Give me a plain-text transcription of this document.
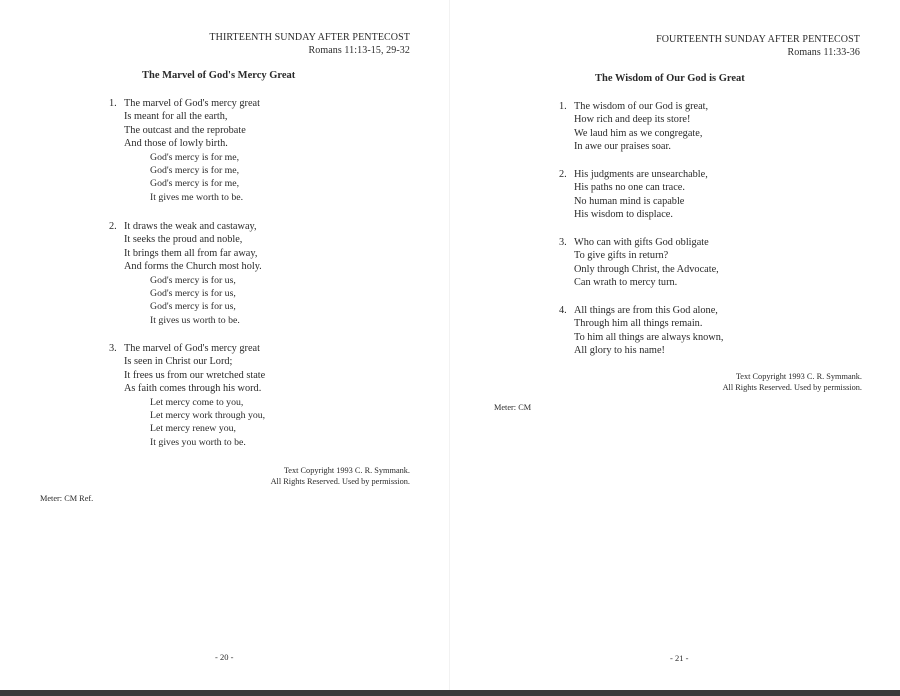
THIRTEENTH SUNDAY AFTER PENTECOST
Romans 11:13-15, 29-32
The Marvel of God's Mercy Great
1. The marvel of God's mercy great
Is meant for all the earth,
The outcast and the reprobate
And those of lowly birth.
God's mercy is for me,
God's mercy is for me,
God's mercy is for me,
It gives me worth to be.
2. It draws the weak and castaway,
It seeks the proud and noble,
It brings them all from far away,
And forms the Church most holy.
God's mercy is for us,
God's mercy is for us,
God's mercy is for us,
It gives us worth to be.
3. The marvel of God's mercy great
Is seen in Christ our Lord;
It frees us from our wretched state
As faith comes through his word.
Let mercy come to you,
Let mercy work through you,
Let mercy renew you,
It gives you worth to be.
Text Copyright 1993 C. R. Symmank.
All Rights Reserved. Used by permission.
Meter: CM Ref.
- 20 -
FOURTEENTH SUNDAY AFTER PENTECOST
Romans 11:33-36
The Wisdom of Our God is Great
1. The wisdom of our God is great,
How rich and deep its store!
We laud him as we congregate,
In awe our praises soar.
2. His judgments are unsearchable,
His paths no one can trace.
No human mind is capable
His wisdom to displace.
3. Who can with gifts God obligate
To give gifts in return?
Only through Christ, the Advocate,
Can wrath to mercy turn.
4. All things are from this God alone,
Through him all things remain.
To him all things are always known,
All glory to his name!
Text Copyright 1993 C. R. Symmank.
All Rights Reserved. Used by permission.
Meter: CM
- 21 -
